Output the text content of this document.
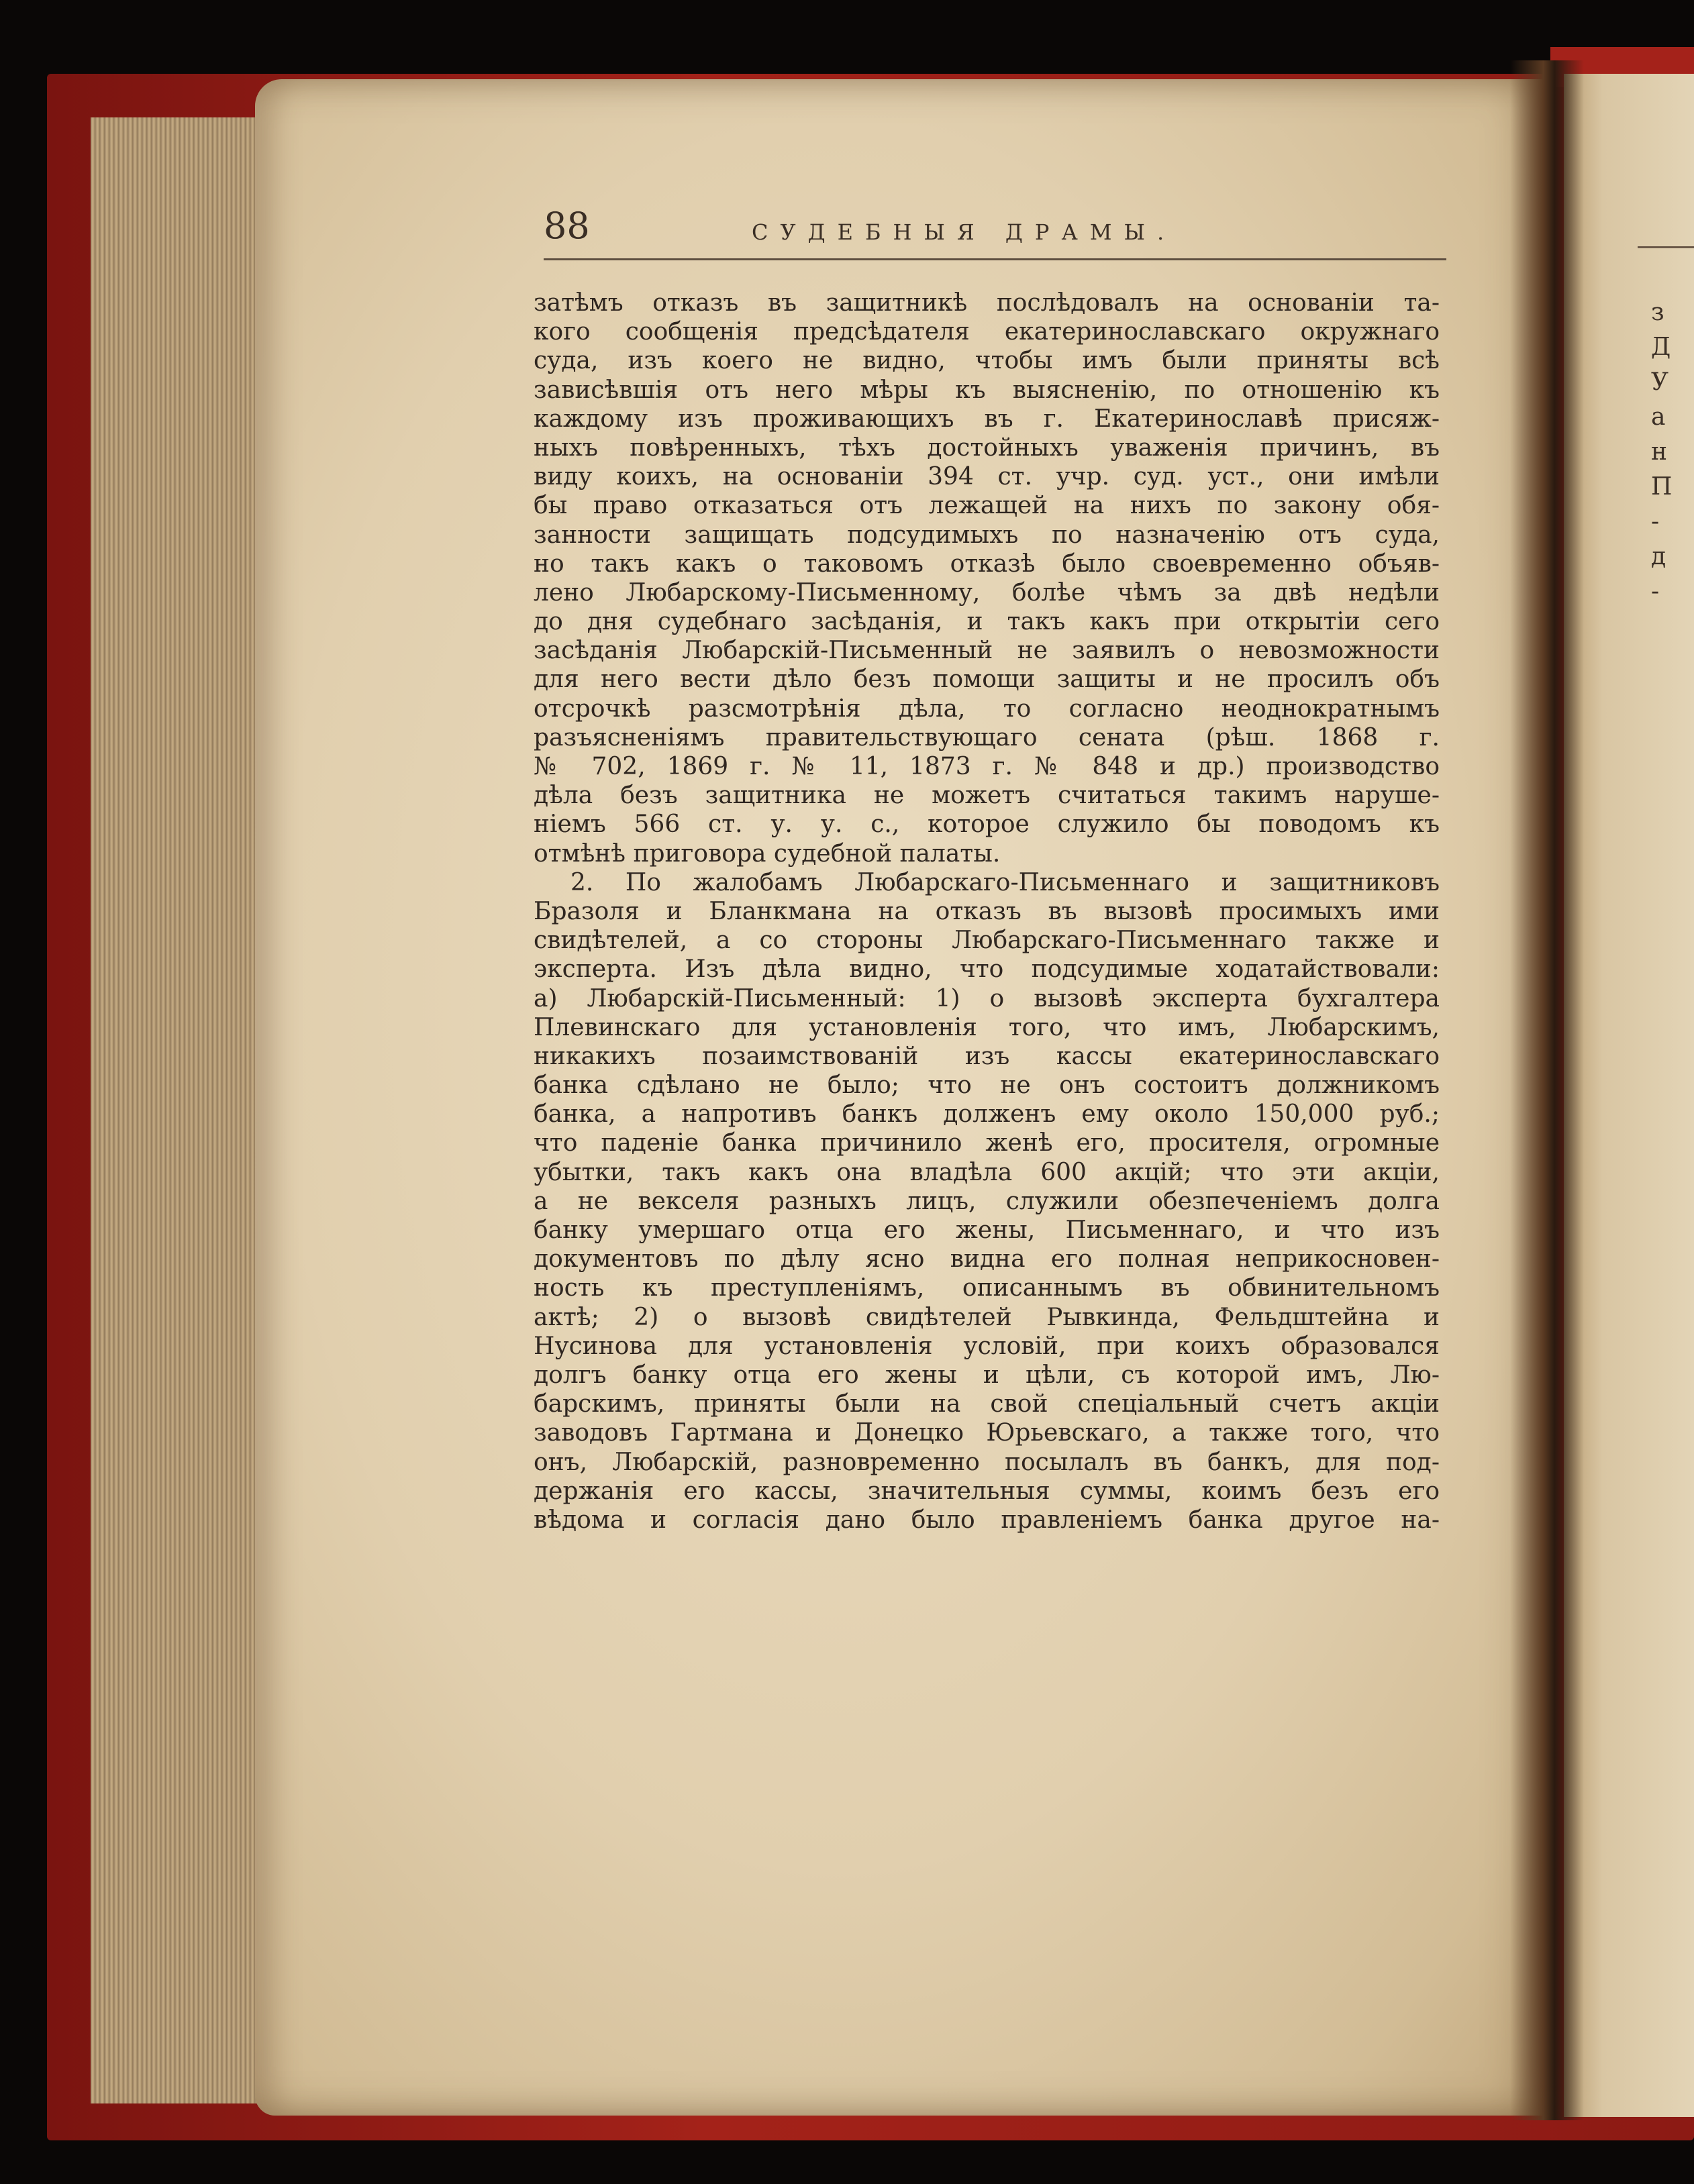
88	СУДЕБНЫЯ ДРАМЫ.
затѣмъ отказъ въ защитникѣ послѣдовалъ на основаніи та-
кого сообщенія предсѣдателя екатеринославскаго окружнаго
суда, изъ коего не видно, чтобы имъ были приняты всѣ
зависѣвшія отъ него мѣры къ выясненію, по отношенію къ
каждому изъ проживающихъ въ г. Екатеринославѣ присяж-
ныхъ повѣренныхъ, тѣхъ достойныхъ уваженія причинъ, въ
виду коихъ, на основаніи 394 ст. учр. суд. уст., они имѣли
бы право отказаться отъ лежащей на нихъ по закону обя-
занности защищать подсудимыхъ по назначенію отъ суда,
но такъ какъ о таковомъ отказѣ было своевременно объяв-
лено Любарскому-Письменному, болѣе чѣмъ за двѣ недѣли
до дня судебнаго засѣданія, и такъ какъ при открытіи сего
засѣданія Любарскій-Письменный не заявилъ о невозможности
для него вести дѣло безъ помощи защиты и не просилъ объ
отсрочкѣ разсмотрѣнія дѣла, то согласно неоднократнымъ
разъясненіямъ правительствующаго сената (рѣш. 1868 г.
№ 702, 1869 г. № 11, 1873 г. № 848 и др.) производство
дѣла безъ защитника не можетъ считаться такимъ наруше-
ніемъ 566 ст. у. у. с., которое служило бы поводомъ къ
отмѣнѣ приговора судебной палаты.
2. По жалобамъ Любарскаго-Письменнаго и защитниковъ
Бразоля и Бланкмана на отказъ въ вызовѣ просимыхъ ими
свидѣтелей, а со стороны Любарскаго-Письменнаго также и
эксперта. Изъ дѣла видно, что подсудимые ходатайствовали:
а) Любарскій-Письменный: 1) о вызовѣ эксперта бухгалтера
Плевинскаго для установленія того, что имъ, Любарскимъ,
никакихъ позаимствованій изъ кассы екатеринославскаго
банка сдѣлано не было; что не онъ состоитъ должникомъ
банка, а напротивъ банкъ долженъ ему около 150,000 руб.;
что паденіе банка причинило женѣ его, просителя, огромные
убытки, такъ какъ она владѣла 600 акцій; что эти акціи,
а не векселя разныхъ лицъ, служили обезпеченіемъ долга
банку умершаго отца его жены, Письменнаго, и что изъ
документовъ по дѣлу ясно видна его полная неприкосновен-
ность къ преступленіямъ, описаннымъ въ обвинительномъ
актѣ; 2) о вызовѣ свидѣтелей Рывкинда, Фельдштейна и
Нусинова для установленія условій, при коихъ образовался
долгъ банку отца его жены и цѣли, съ которой имъ, Лю-
барскимъ, приняты были на свой спеціальный счетъ акціи
заводовъ Гартмана и Донецко Юрьевскаго, а также того, что
онъ, Любарскій, разновременно посылалъ въ банкъ, для под-
держанія его кассы, значительныя суммы, коимъ безъ его
вѣдома и согласія дано было правленіемъ банка другое на-
з
Д
У
а
н
П
-
д
-
